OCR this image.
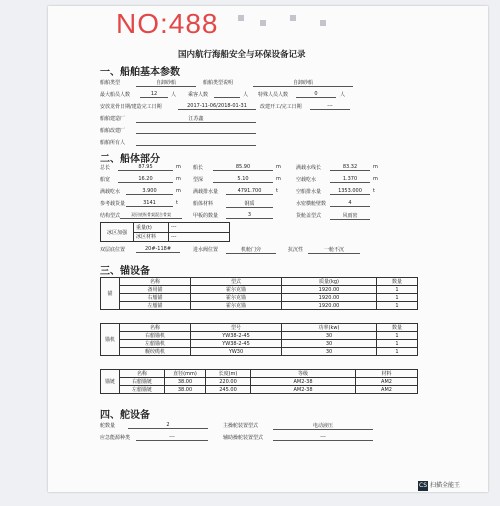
NO:488
国内航行海船安全与环保设备记录
一、船舶基本参数
船舶类型	自卸砂船	船舶类型说明	自卸砂船
最大船员人数	12	人 乘客人数	人 特殊人员人数	0	人
安放龙骨日期/建造完工日期	2017-11-06/2018-01-31	改建开工/完工日期	---
船舶建造厂	江苏鑫
船舶改建厂
船舶所有人
二、船体部分
总长	87.95	m 船长	85.90	m	满载水线长	83.32	m
船宽	16.20	m 型深	5.10	m	空载吃水	1.370	m
满载吃水	3.900	m 满载排水量	4791.700	t	空船排水量	1353.000	t
参考载货量	3141	t	船体材料	钢质	水密横舱壁数	4
结构型式	双层底纵骨架混合骨架	甲板的数量	3	货舱盖型式	风雨密
冰区加强	重量(t)	---
	冰区材料	---
双层底位置	20#-118#	进水阀位置	机舱门旁	抗沉性	一舱不沉
三、锚设备
锚	名称	型式	质量(kg)	数量
	备用锚	霍尔克锚	1920.00	1
	右艏锚	霍尔克锚	1920.00	1
	左艏锚	霍尔克锚	1920.00	1
锚机	名称	型号	功率(kw)	数量
	右艏锚机	YW38-2-45	30	1
	左艏锚机	YW38-2-45	30	1
	艉绞缆机	YW30	30	1
锚链	名称	直径(mm)	长度(m)	等级	材料
	右艏锚链	38.00	220.00	AM2-38	AM2
	左艏锚链	38.00	245.00	AM2-38	AM2
四、舵设备
舵数量	2	主操舵装置型式	电动液压
应急能源种类	---	辅助操舵装置型式	---
CS 扫描全能王
